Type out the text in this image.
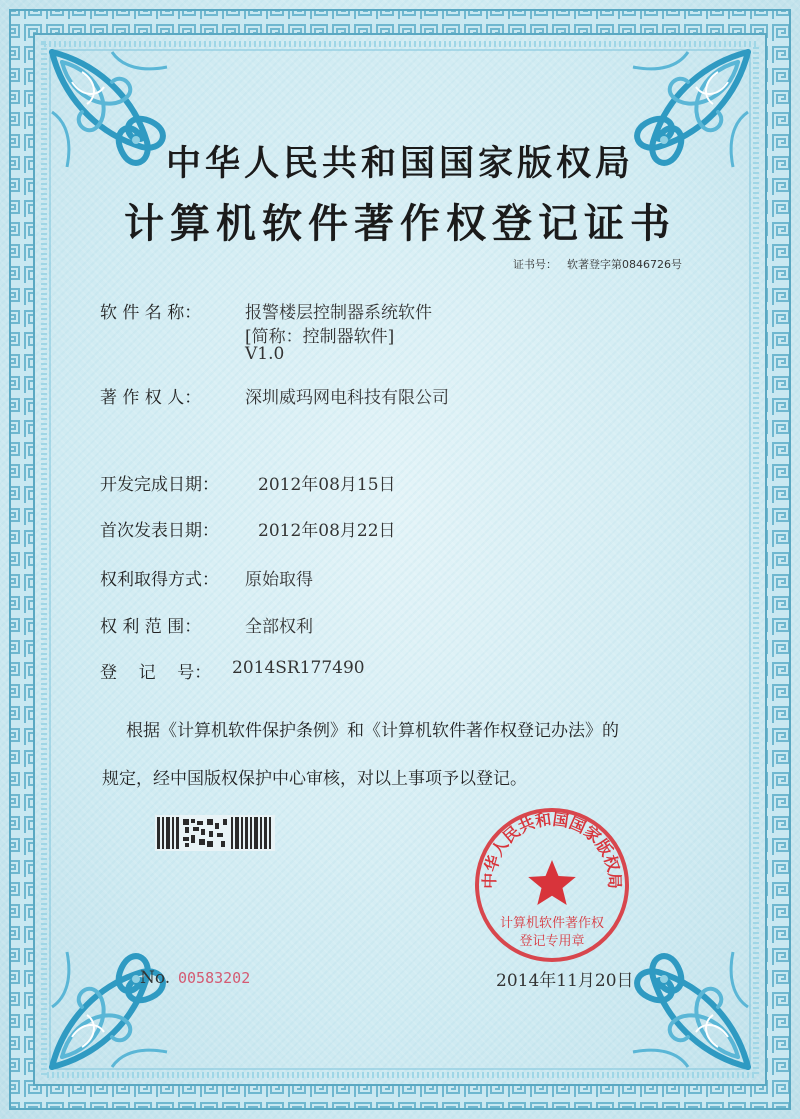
中华人民共和国国家版权局
计算机软件著作权登记证书
证书号： 软著登字第0846726号
软 件 名 称：	报警楼层控制器系统软件
[简称：控制器软件]
V1.0
著 作 权 人：	深圳威玛网电科技有限公司
开发完成日期： 2012年08月15日
首次发表日期： 2012年08月22日
权利取得方式： 原始取得
权 利 范 围：	全部权利
登    记    号： 2014SR177490
根据《计算机软件保护条例》和《计算机软件著作权登记办法》的
规定，经中国版权保护中心审核，对以上事项予以登记。
中华人民共和国国家版权局
计算机软件著作权
登记专用章
No. 00583202	2014年11月20日
